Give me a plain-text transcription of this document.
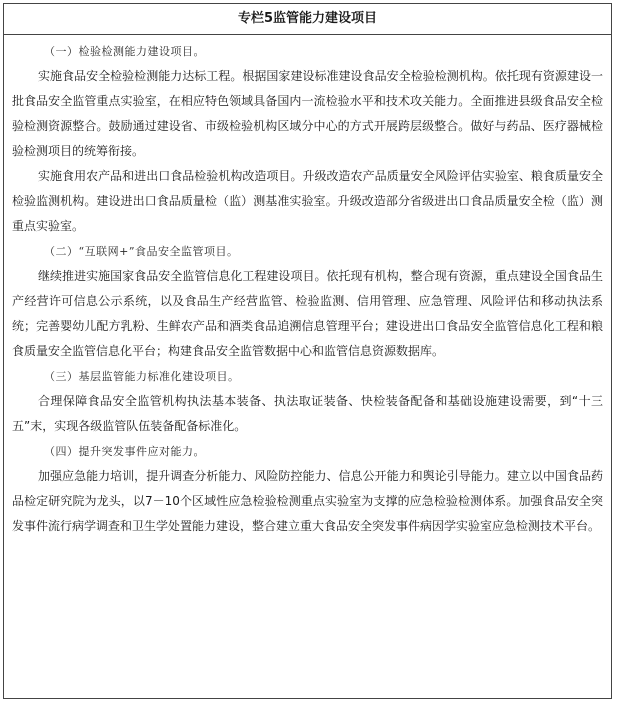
专栏5监管能力建设项目
（一）检验检测能力建设项目。

实施食品安全检验检测能力达标工程。根据国家建设标准建设食品安全检验检测机构。依托现有资源建设一批食品安全监管重点实验室，在相应特色领域具备国内一流检验水平和技术攻关能力。全面推进县级食品安全检验检测资源整合。鼓励通过建设省、市级检验机构区域分中心的方式开展跨层级整合。做好与药品、医疗器械检验检测项目的统筹衔接。

实施食用农产品和进出口食品检验机构改造项目。升级改造农产品质量安全风险评估实验室、粮食质量安全检验监测机构。建设进出口食品质量检（监）测基准实验室。升级改造部分省级进出口食品质量安全检（监）测重点实验室。

（二）“互联网+”食品安全监管项目。

继续推进实施国家食品安全监管信息化工程建设项目。依托现有机构，整合现有资源，重点建设全国食品生产经营许可信息公示系统，以及食品生产经营监管、检验监测、信用管理、应急管理、风险评估和移动执法系统；完善婴幼儿配方乳粉、生鲜农产品和酒类食品追溯信息管理平台；建设进出口食品安全监管信息化工程和粮食质量安全监管信息化平台；构建食品安全监管数据中心和监管信息资源数据库。

（三）基层监管能力标准化建设项目。

合理保障食品安全监管机构执法基本装备、执法取证装备、快检装备配备和基础设施建设需要，到“十三五”末，实现各级监管队伍装备配备标准化。

（四）提升突发事件应对能力。

加强应急能力培训，提升调查分析能力、风险防控能力、信息公开能力和舆论引导能力。建立以中国食品药品检定研究院为龙头，以7－10个区域性应急检验检测重点实验室为支撑的应急检验检测体系。加强食品安全突发事件流行病学调查和卫生学处置能力建设，整合建立重大食品安全突发事件病因学实验室应急检测技术平台。
